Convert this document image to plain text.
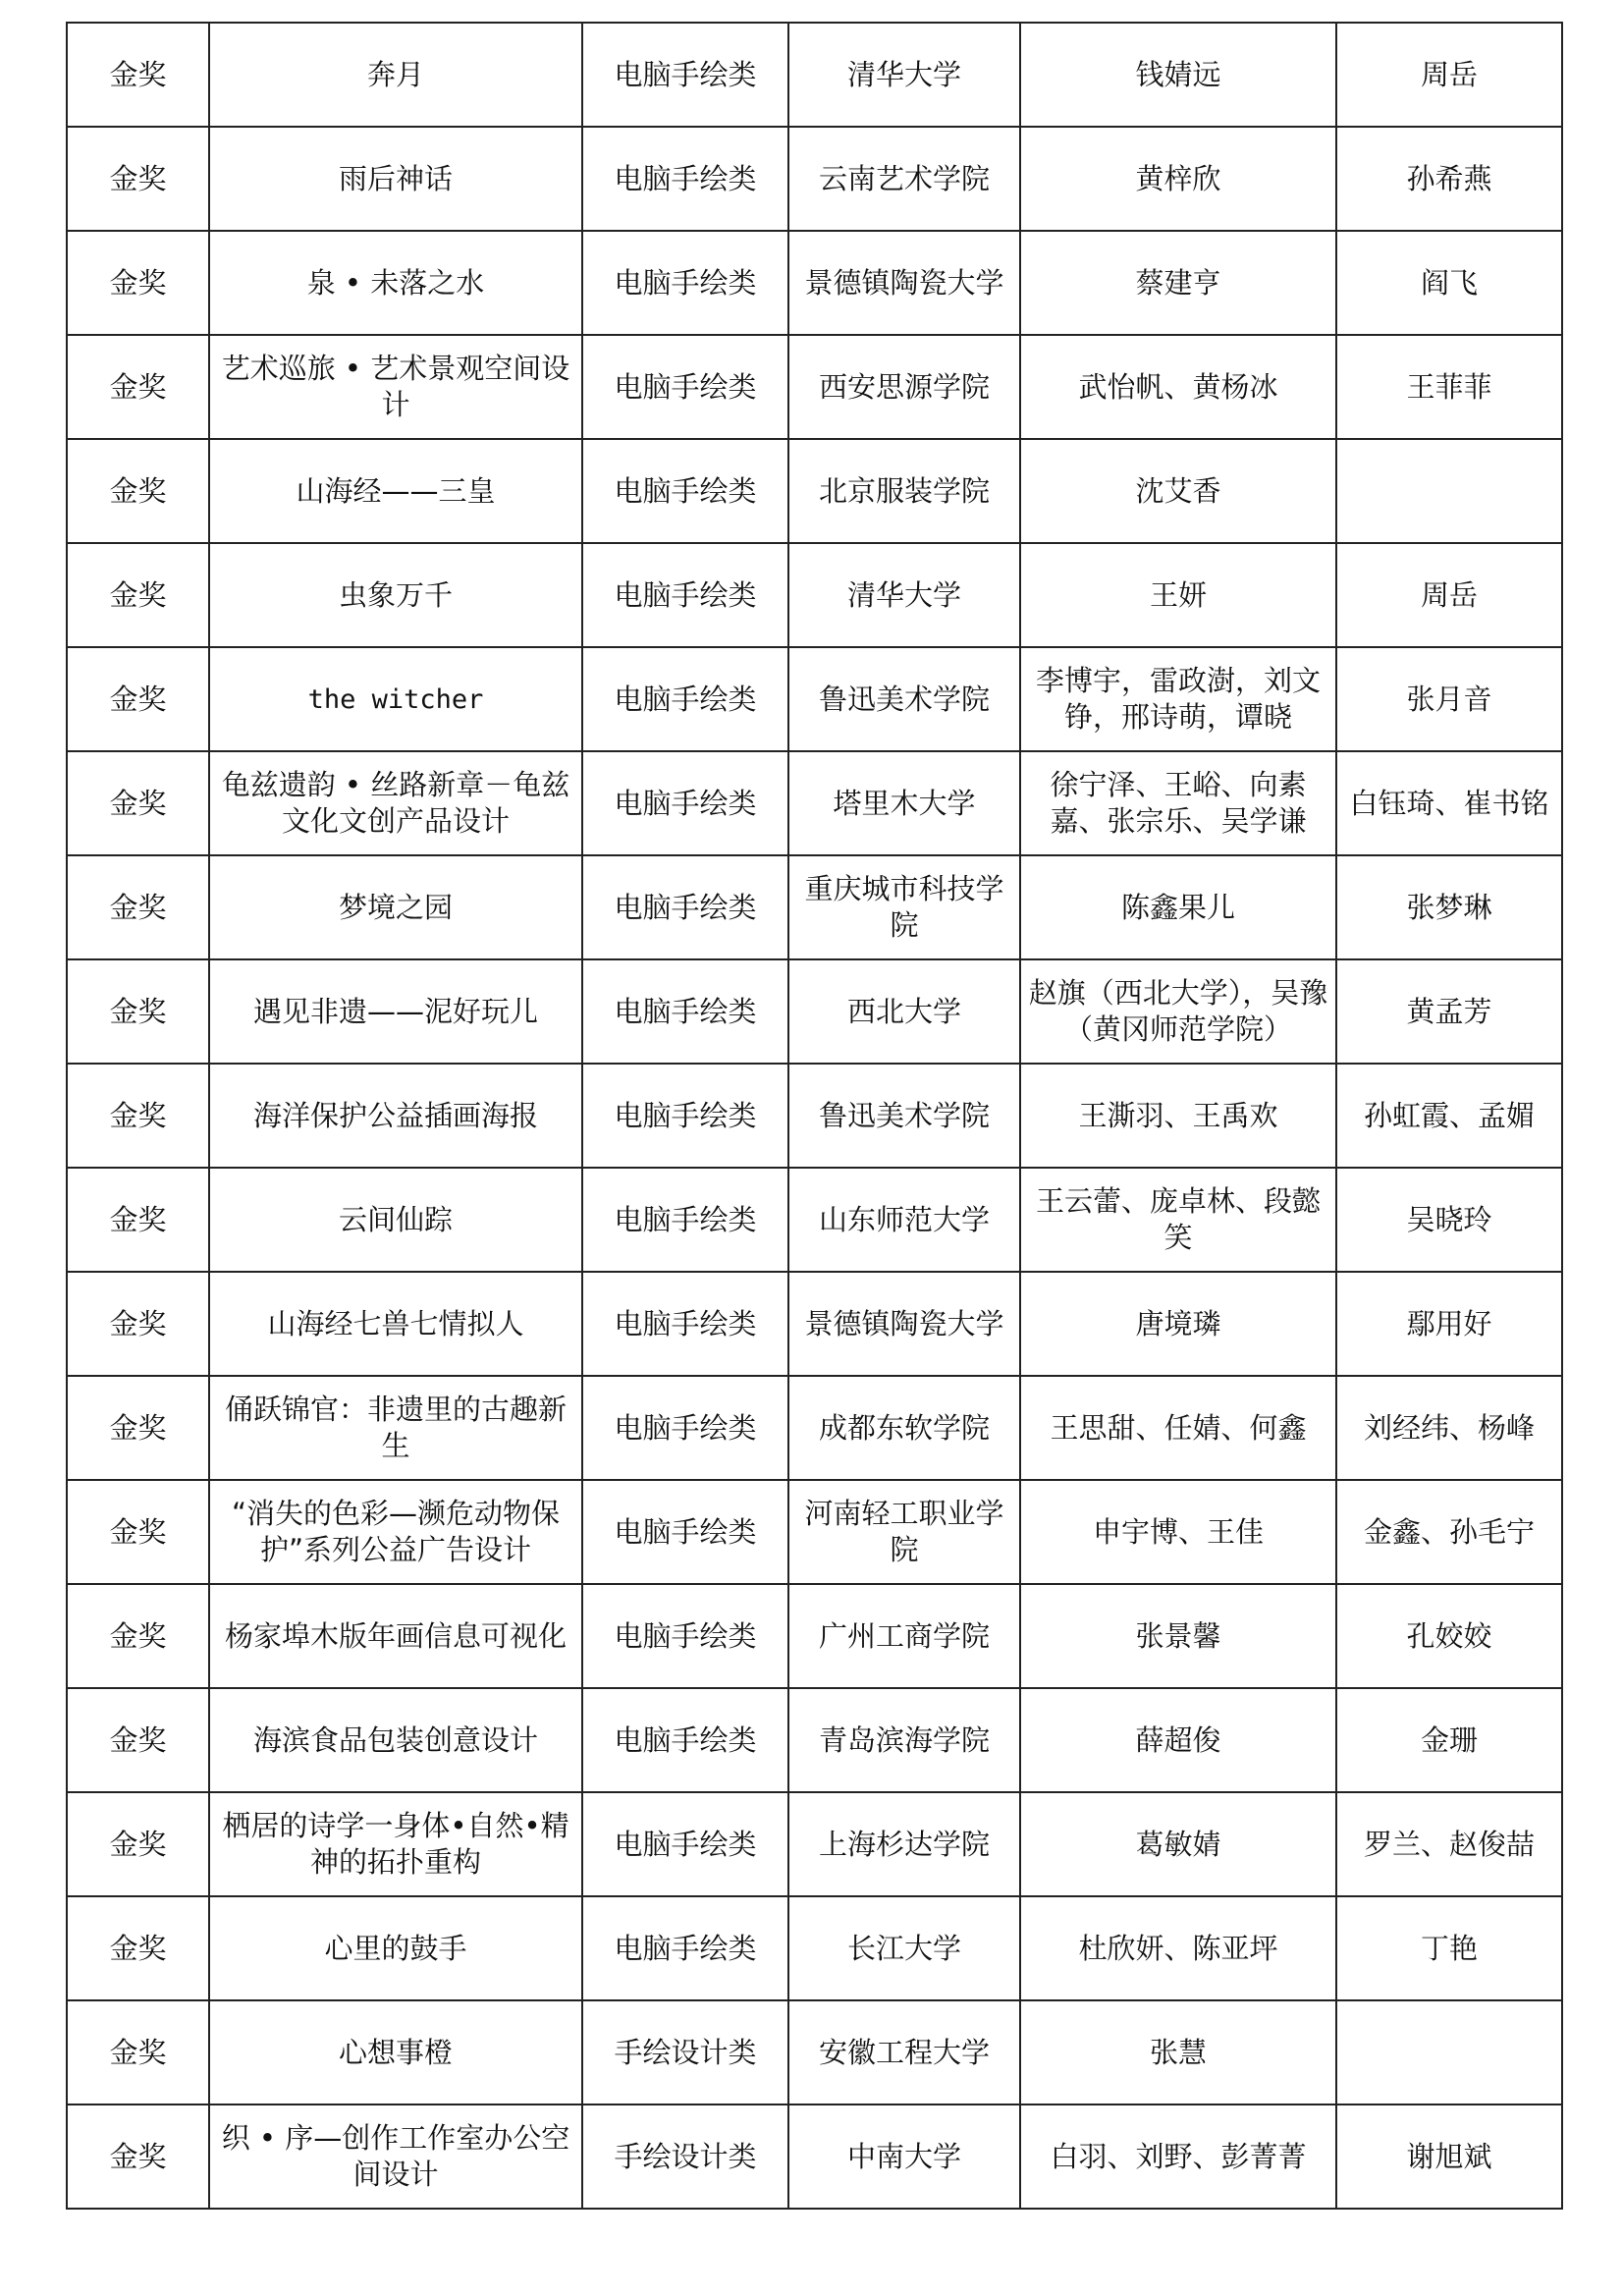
金奖	奔月	电脑手绘类	清华大学	钱婧远	周岳
金奖	雨后神话	电脑手绘类	云南艺术学院	黄梓欣	孙希燕
金奖	泉 • 未落之水	电脑手绘类	景德镇陶瓷大学	蔡建亨	阎飞
金奖	艺术巡旅 • 艺术景观空间设计	电脑手绘类	西安思源学院	武怡帆、黄杨冰	王菲菲
金奖	山海经——三皇	电脑手绘类	北京服装学院	沈艾香	
金奖	虫象万千	电脑手绘类	清华大学	王妍	周岳
金奖	the witcher	电脑手绘类	鲁迅美术学院	李博宇，雷政澍，刘文铮，邢诗萌，谭晓	张月音
金奖	龟兹遗韵 • 丝路新章－龟兹文化文创产品设计	电脑手绘类	塔里木大学	徐宁泽、王峪、向素嘉、张宗乐、吴学谦	白钰琦、崔书铭
金奖	梦境之园	电脑手绘类	重庆城市科技学院	陈鑫果儿	张梦琳
金奖	遇见非遗——泥好玩儿	电脑手绘类	西北大学	赵旗（西北大学），吴豫（黄冈师范学院）	黄孟芳
金奖	海洋保护公益插画海报	电脑手绘类	鲁迅美术学院	王澌羽、王禹欢	孙虹霞、孟媚
金奖	云间仙踪	电脑手绘类	山东师范大学	王云蕾、庞卓林、段懿笑	吴晓玲
金奖	山海经七兽七情拟人	电脑手绘类	景德镇陶瓷大学	唐境璘	鄢用好
金奖	俑跃锦官：非遗里的古趣新生	电脑手绘类	成都东软学院	王思甜、任婧、何鑫	刘经纬、杨峰
金奖	“消失的色彩—濒危动物保护”系列公益广告设计	电脑手绘类	河南轻工职业学院	申宇博、王佳	金鑫、孙毛宁
金奖	杨家埠木版年画信息可视化	电脑手绘类	广州工商学院	张景馨	孔姣姣
金奖	海滨食品包装创意设计	电脑手绘类	青岛滨海学院	薛超俊	金珊
金奖	栖居的诗学一身体•自然•精神的拓扑重构	电脑手绘类	上海杉达学院	葛敏婧	罗兰、赵俊喆
金奖	心里的鼓手	电脑手绘类	长江大学	杜欣妍、陈亚坪	丁艳
金奖	心想事橙	手绘设计类	安徽工程大学	张慧	
金奖	织 • 序—创作工作室办公空间设计	手绘设计类	中南大学	白羽、刘野、彭菁菁	谢旭斌
